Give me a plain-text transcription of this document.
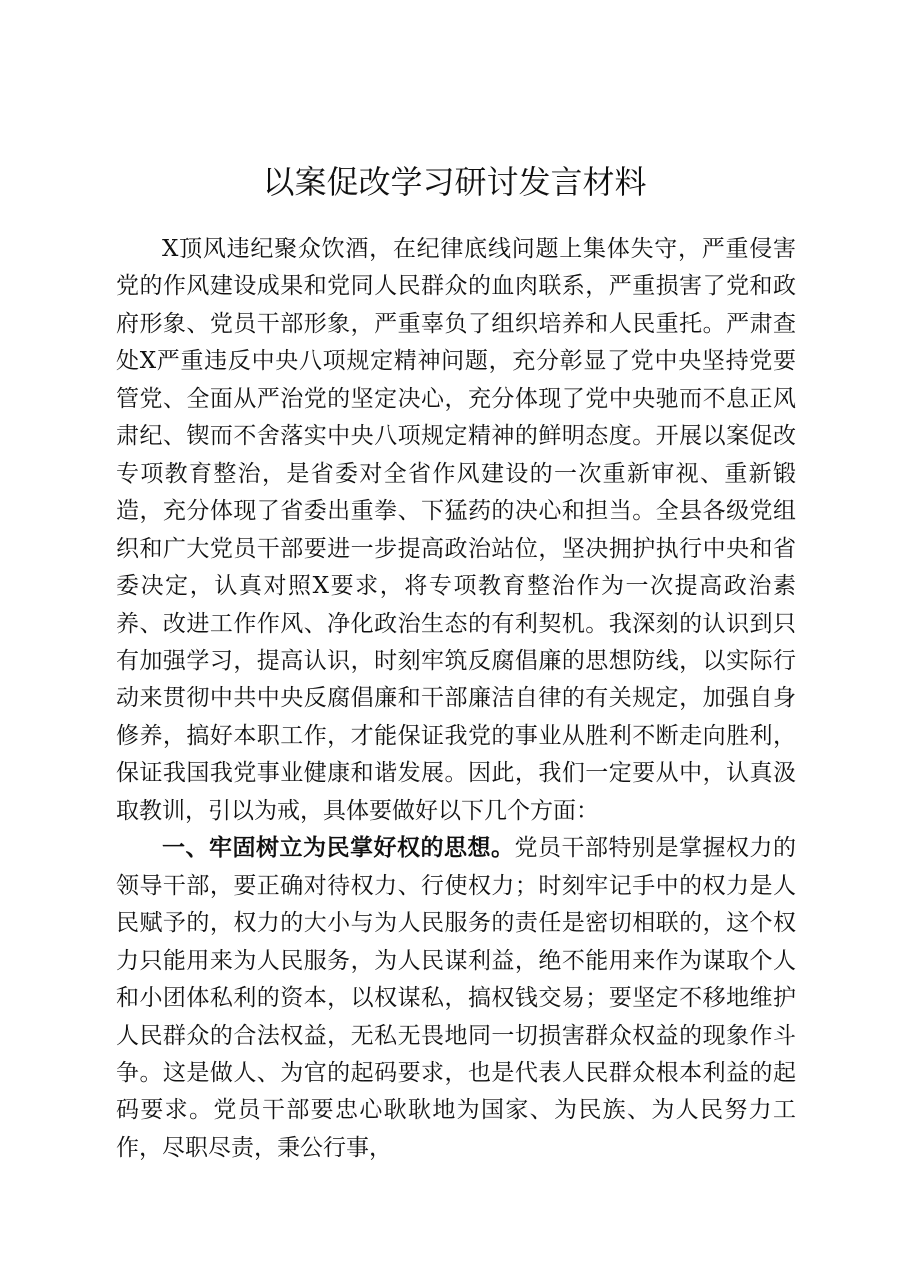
以案促改学习研讨发言材料

X顶风违纪聚众饮酒，在纪律底线问题上集体失守，严重侵害党的作风建设成果和党同人民群众的血肉联系，严重损害了党和政府形象、党员干部形象，严重辜负了组织培养和人民重托。严肃查处X严重违反中央八项规定精神问题，充分彰显了党中央坚持党要管党、全面从严治党的坚定决心，充分体现了党中央驰而不息正风肃纪、锲而不舍落实中央八项规定精神的鲜明态度。开展以案促改专项教育整治，是省委对全省作风建设的一次重新审视、重新锻造，充分体现了省委出重拳、下猛药的决心和担当。全县各级党组织和广大党员干部要进一步提高政治站位，坚决拥护执行中央和省委决定，认真对照X要求，将专项教育整治作为一次提高政治素养、改进工作作风、净化政治生态的有利契机。我深刻的认识到只有加强学习，提高认识，时刻牢筑反腐倡廉的思想防线，以实际行动来贯彻中共中央反腐倡廉和干部廉洁自律的有关规定，加强自身修养，搞好本职工作，才能保证我党的事业从胜利不断走向胜利，保证我国我党事业健康和谐发展。因此，我们一定要从中，认真汲取教训，引以为戒，具体要做好以下几个方面：

一、牢固树立为民掌好权的思想。党员干部特别是掌握权力的领导干部，要正确对待权力、行使权力；时刻牢记手中的权力是人民赋予的，权力的大小与为人民服务的责任是密切相联的，这个权力只能用来为人民服务，为人民谋利益，绝不能用来作为谋取个人和小团体私利的资本，以权谋私，搞权钱交易；要坚定不移地维护人民群众的合法权益，无私无畏地同一切损害群众权益的现象作斗争。这是做人、为官的起码要求，也是代表人民群众根本利益的起码要求。党员干部要忠心耿耿地为国家、为民族、为人民努力工作，尽职尽责，秉公行事，
